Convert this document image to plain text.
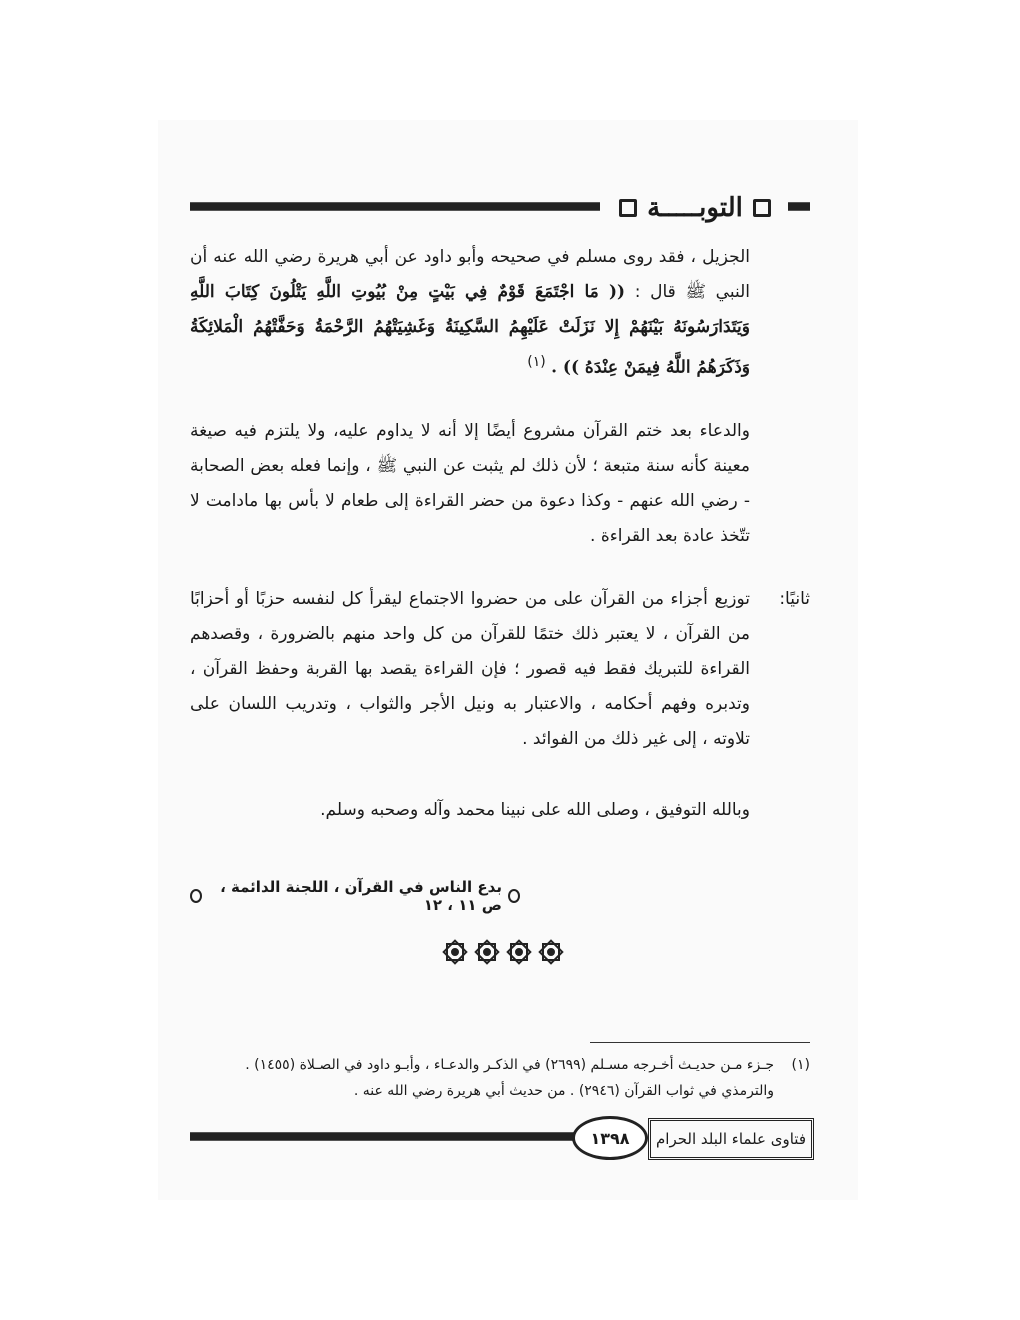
التوبـــــة
الجزيل ، فقد روى مسلم في صحيحه وأبو داود عن أبي هريرة رضي الله عنه أن النبي ﷺ قال : (( مَا اجْتَمَعَ قَوْمٌ فِي بَيْتٍ مِنْ بُيُوتِ اللَّهِ يَتْلُونَ كِتَابَ اللَّهِ وَيَتَدَارَسُونَهُ بَيْنَهُمْ إِلا نَزَلَتْ عَلَيْهِمُ السَّكِينَةُ وَغَشِيَتْهُمُ الرَّحْمَةُ وَحَفَّتْهُمُ الْمَلائِكَةُ وَذَكَرَهُمُ اللَّهُ فِيمَنْ عِنْدَهُ )) . $^{(١)}$
والدعاء بعد ختم القرآن مشروع أيضًا إلا أنه لا يداوم عليه، ولا يلتزم فيه صيغة معينة كأنه سنة متبعة ؛ لأن ذلك لم يثبت عن النبي ﷺ ، وإنما فعله بعض الصحابة - رضي الله عنهم - وكذا دعوة من حضر القراءة إلى طعام لا بأس بها مادامت لا تتّخذ عادة بعد القراءة .
ثانيًا:
توزيع أجزاء من القرآن على من حضروا الاجتماع ليقرأ كل لنفسه حزبًا أو أحزابًا من القرآن ، لا يعتبر ذلك ختمًا للقرآن من كل واحد منهم بالضرورة ، وقصدهم القراءة للتبريك فقط فيه قصور ؛ فإن القراءة يقصد بها القربة وحفظ القرآن ، وتدبره وفهم أحكامه ، والاعتبار به ونيل الأجر والثواب ، وتدريب اللسان على تلاوته ، إلى غير ذلك من الفوائد .
وبالله التوفيق ، وصلى الله على نبينا محمد وآله وصحبه وسلم.
بدع الناس في القرآن ، اللجنة الدائمة ، ص ١١ ، ١٢
(١)جـزء مـن حديـث أخـرجه مسـلم (٢٦٩٩) في الذكـر والدعـاء ، وأبـو داود في الصـلاة (١٤٥٥) .
والترمذي في ثواب القرآن (٢٩٤٦) . من حديث أبي هريرة رضي الله عنه .
١٣٩٨	فتاوى علماء البلد الحرام
